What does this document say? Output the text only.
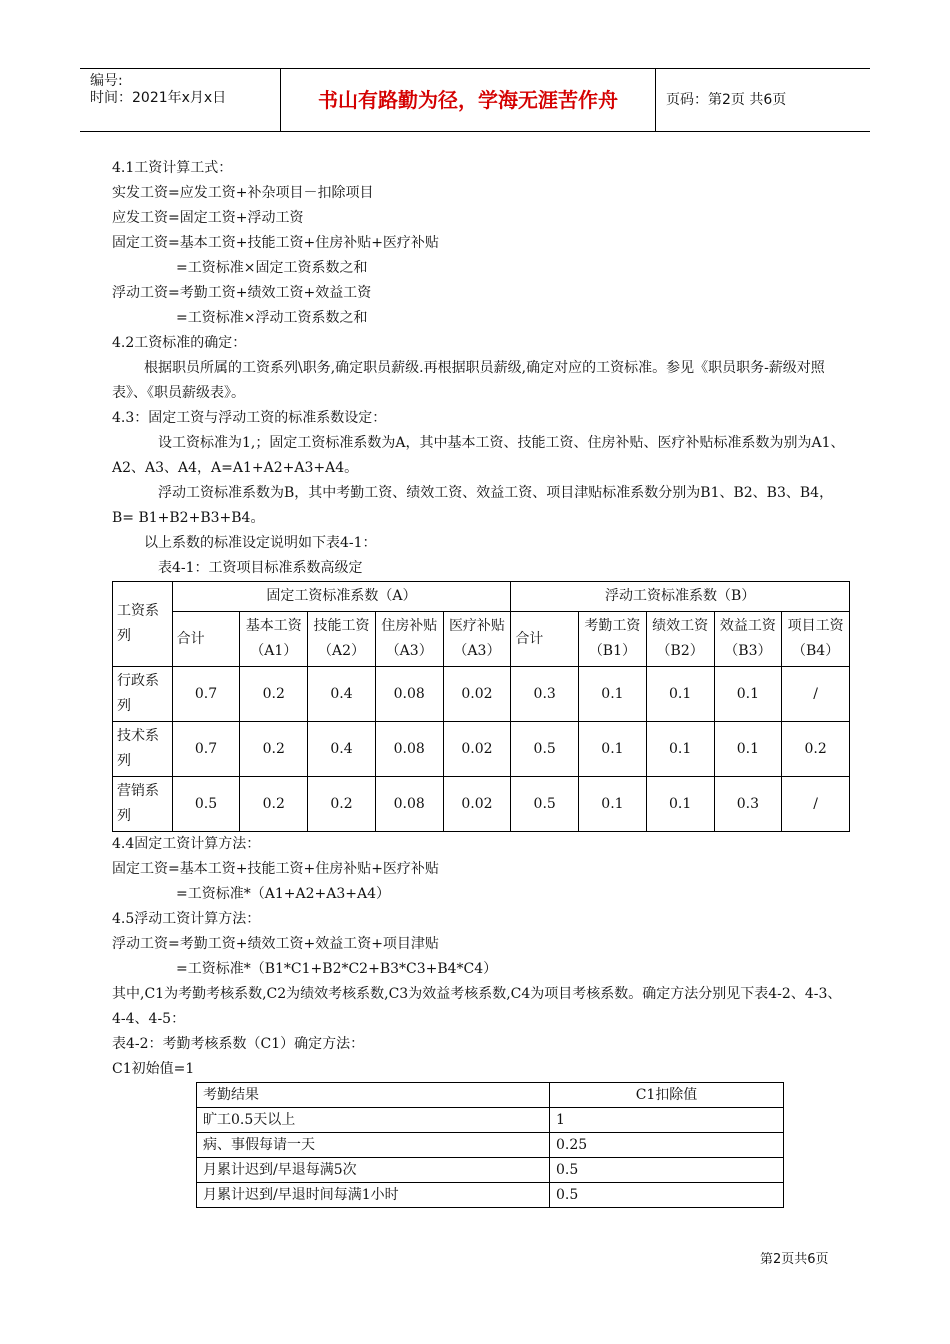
编号:
时间：2021年x月x日	书山有路勤为径，学海无涯苦作舟	页码：第2页 共6页
4.1工资计算工式：
实发工资=应发工资+补杂项目－扣除项目
应发工资=固定工资+浮动工资
固定工资=基本工资+技能工资+住房补贴+医疗补贴
=工资标准×固定工资系数之和
浮动工资=考勤工资+绩效工资+效益工资
=工资标准×浮动工资系数之和
4.2工资标准的确定：
根据职员所属的工资系列\职务,确定职员薪级.再根据职员薪级,确定对应的工资标准。参见《职员职务-薪级对照表》、《职员薪级表》。
4.3：固定工资与浮动工资的标准系数设定：
设工资标准为1,；固定工资标准系数为A，其中基本工资、技能工资、住房补贴、医疗补贴标准系数为别为A1、A2、A3、A4，A=A1+A2+A3+A4。
浮动工资标准系数为B，其中考勤工资、绩效工资、效益工资、项目津贴标准系数分别为B1、B2、B3、B4，B= B1+B2+B3+B4。
以上系数的标准设定说明如下表4-1：
表4-1：工资项目标准系数高级定
工资系列	固定工资标准系数（A）					浮动工资标准系数（B）				
	合计	基本工资（A1）	技能工资（A2）	住房补贴（A3）	医疗补贴（A3）	合计	考勤工资（B1）	绩效工资（B2）	效益工资（B3）	项目工资（B4）
行政系列	0.7	0.2	0.4	0.08	0.02	0.3	0.1	0.1	0.1	/
技术系列	0.7	0.2	0.4	0.08	0.02	0.5	0.1	0.1	0.1	0.2
营销系列	0.5	0.2	0.2	0.08	0.02	0.5	0.1	0.1	0.3	/
4.4固定工资计算方法：
固定工资=基本工资+技能工资+住房补贴+医疗补贴
=工资标准*（A1+A2+A3+A4）
4.5浮动工资计算方法：
浮动工资=考勤工资+绩效工资+效益工资+项目津贴
=工资标准*（B1*C1+B2*C2+B3*C3+B4*C4）
其中,C1为考勤考核系数,C2为绩效考核系数,C3为效益考核系数,C4为项目考核系数。确定方法分别见下表4-2、4-3、4-4、4-5：
表4-2：考勤考核系数（C1）确定方法：
C1初始值=1
考勤结果	C1扣除值
旷工0.5天以上	1
病、事假每请一天	0.25
月累计迟到/早退每满5次	0.5
月累计迟到/早退时间每满1小时	0.5
第2页共6页
